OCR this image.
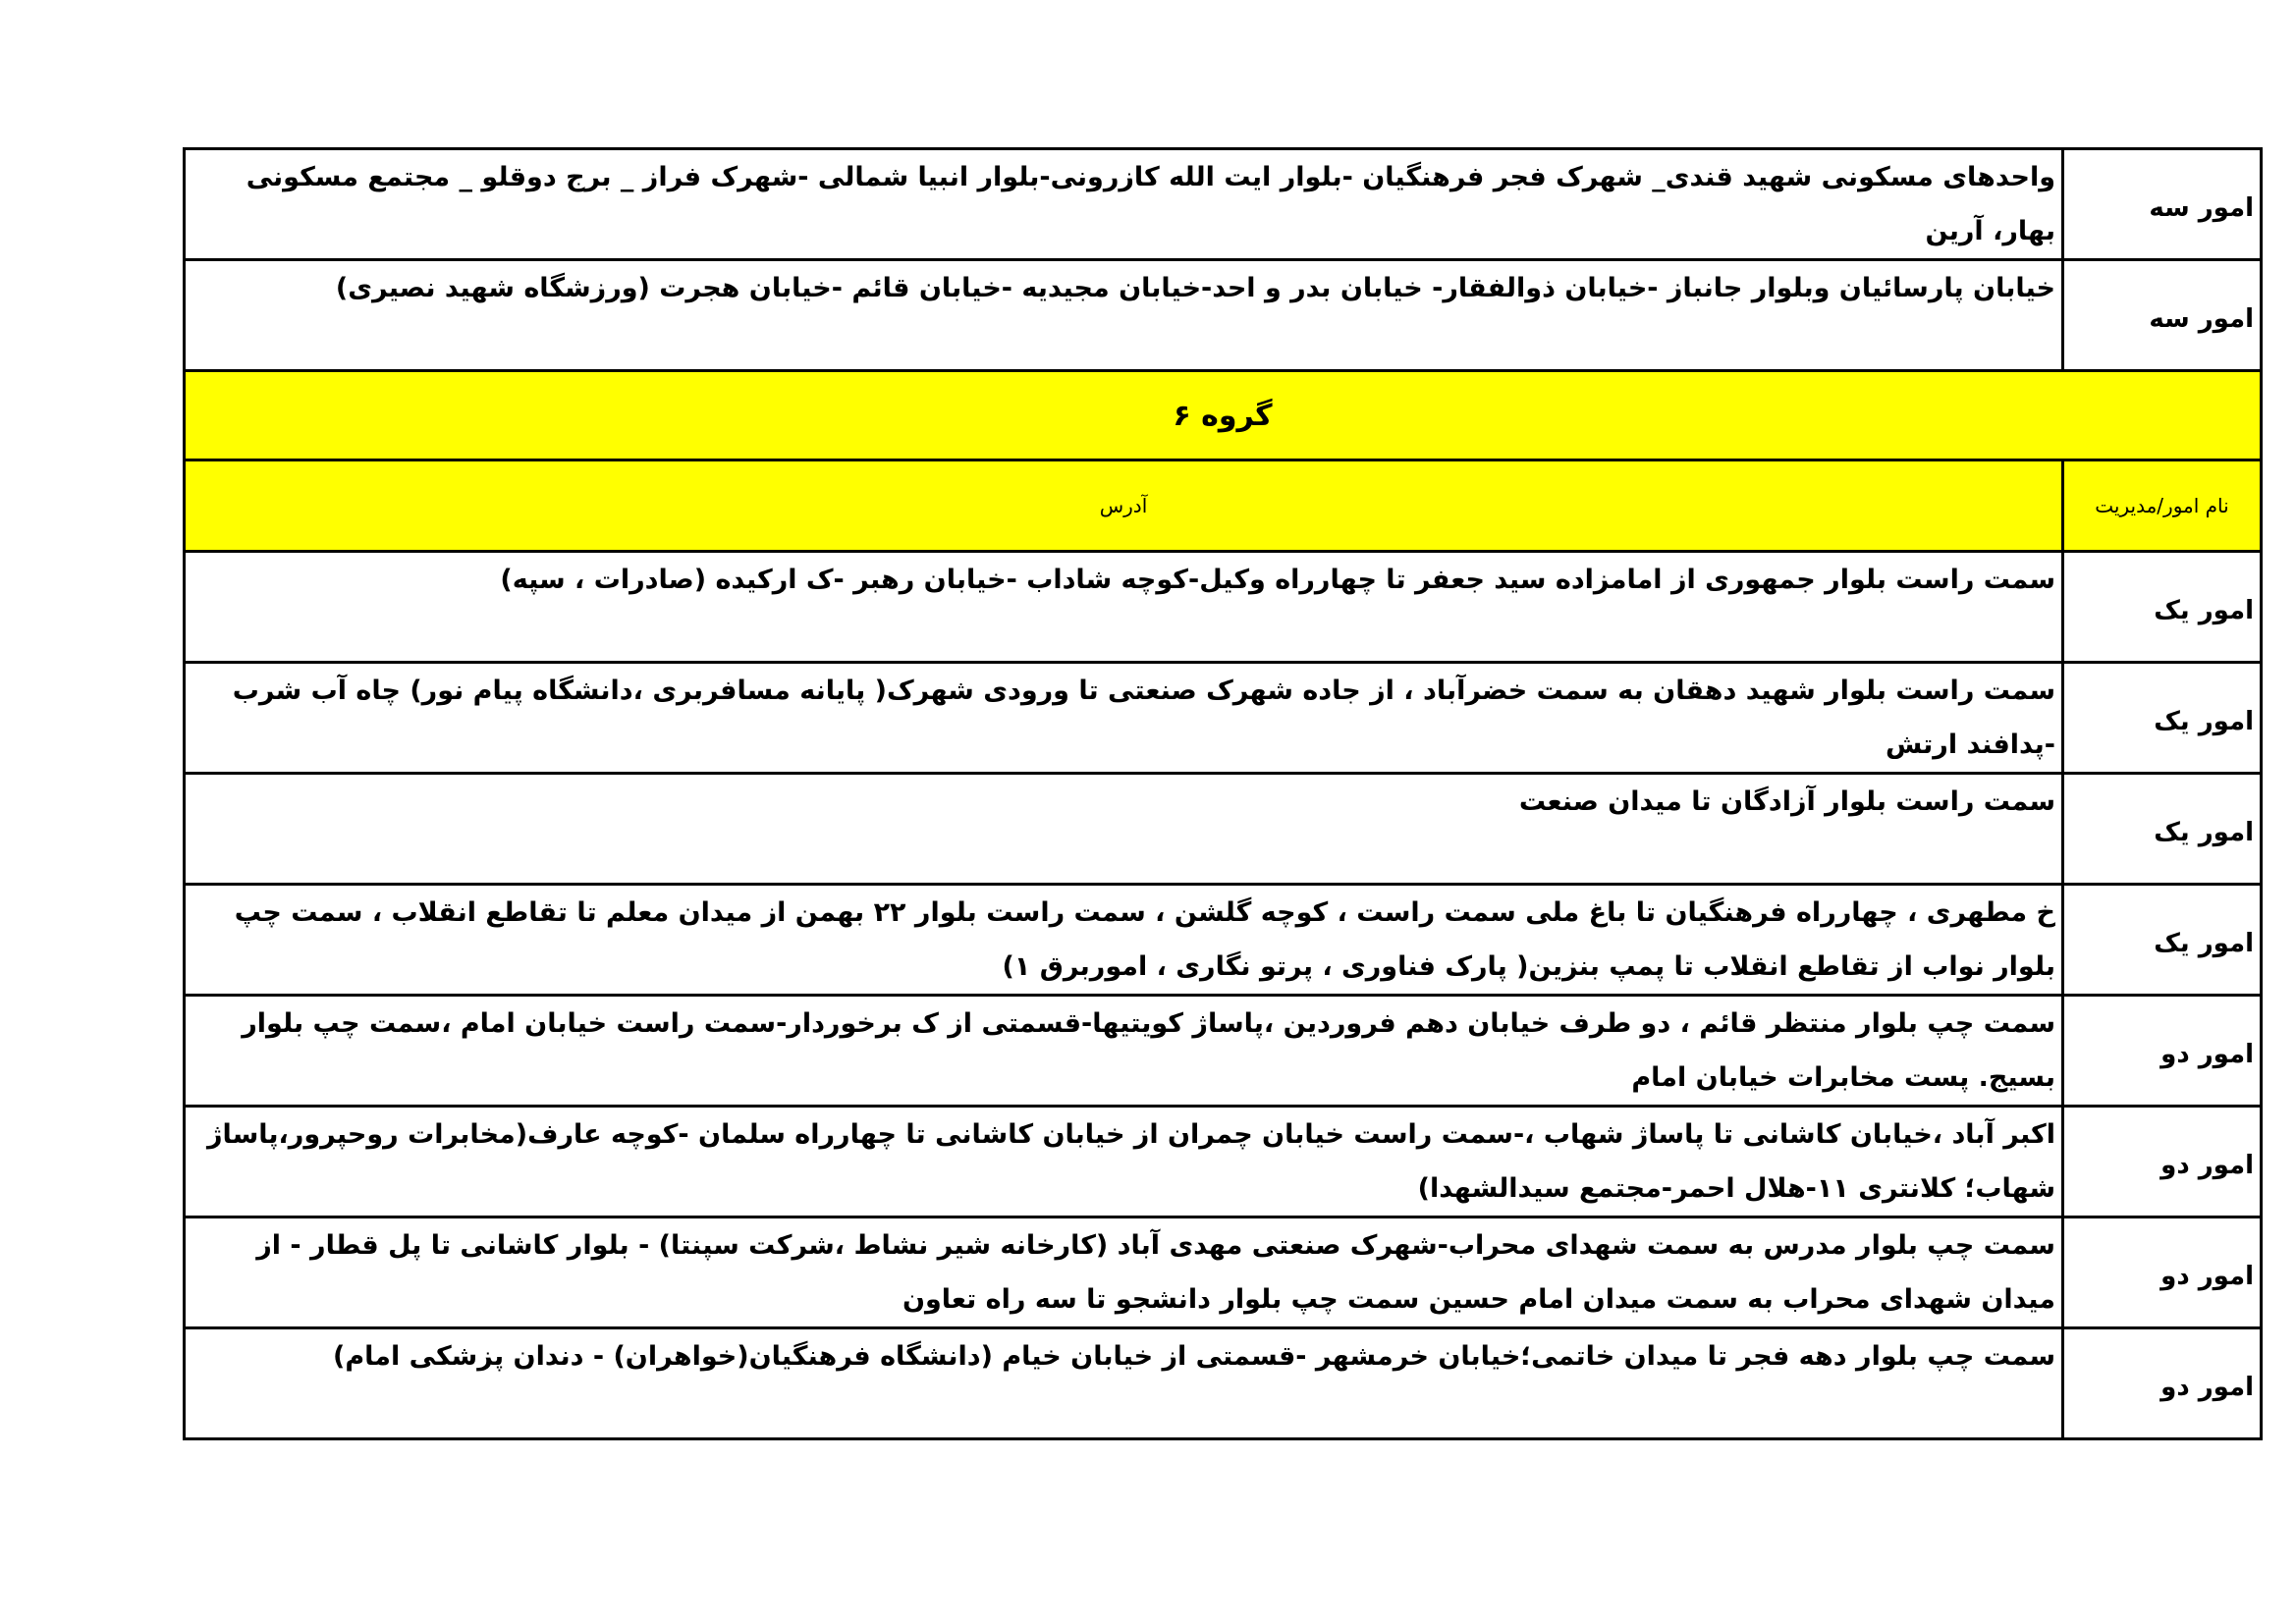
امور سه	واحدهای مسکونی شهید قندی_ شهرک فجر فرهنگیان -بلوار ایت الله کازرونی-بلوار انبیا شمالی -شهرک فراز _ برج دوقلو _ مجتمع مسکونی بهار، آرین
امور سه	خیابان پارسائیان وبلوار جانباز -خیابان ذوالفقار- خیابان بدر و احد-خیابان مجیدیه -خیابان قائم -خیابان هجرت (ورزشگاه شهید نصیری)
گروه ۶	
نام امور/مدیریت	آدرس
امور یک	سمت راست بلوار جمهوری از امامزاده سید جعفر تا چهارراه وکیل-کوچه شاداب -خیابان رهبر -ک ارکیده (صادرات ، سپه)
امور یک	سمت راست بلوار شهید دهقان به سمت خضرآباد ، از جاده شهرک صنعتی تا ورودی شهرک( پایانه مسافربری ،دانشگاه پیام نور) چاه آب شرب -پدافند ارتش
امور یک	سمت راست بلوار آزادگان تا میدان صنعت
امور یک	خ مطهری ، چهارراه فرهنگیان تا باغ ملی سمت راست ، کوچه گلشن ، سمت راست بلوار ۲۲ بهمن از میدان معلم تا تقاطع انقلاب ، سمت چپ بلوار نواب از تقاطع انقلاب تا پمپ بنزین( پارک فناوری ، پرتو نگاری ، اموربرق ۱)
امور دو	سمت چپ بلوار منتظر قائم ، دو طرف خیابان دهم فروردین ،پاساژ کویتیها-قسمتی از ک برخوردار-سمت راست خیابان امام ،سمت چپ بلوار بسیج. پست مخابرات خیابان امام
امور دو	اکبر آباد ،خیابان کاشانی تا پاساژ شهاب ،-سمت راست خیابان چمران از خیابان کاشانی تا چهارراه سلمان -کوچه عارف(مخابرات روحپرور،پاساژ شهاب؛ کلانتری ۱۱-هلال احمر-مجتمع سیدالشهدا)
امور دو	سمت چپ بلوار مدرس به سمت شهدای محراب-شهرک صنعتی مهدی آباد (کارخانه شیر نشاط ،شرکت سپنتا) - بلوار کاشانی تا پل قطار - از میدان شهدای محراب به سمت میدان امام حسین سمت چپ بلوار دانشجو تا سه راه تعاون
امور دو	سمت چپ بلوار دهه فجر تا میدان خاتمی؛خیابان خرمشهر -قسمتی از خیابان خیام (دانشگاه فرهنگیان(خواهران) - دندان پزشکی امام)
